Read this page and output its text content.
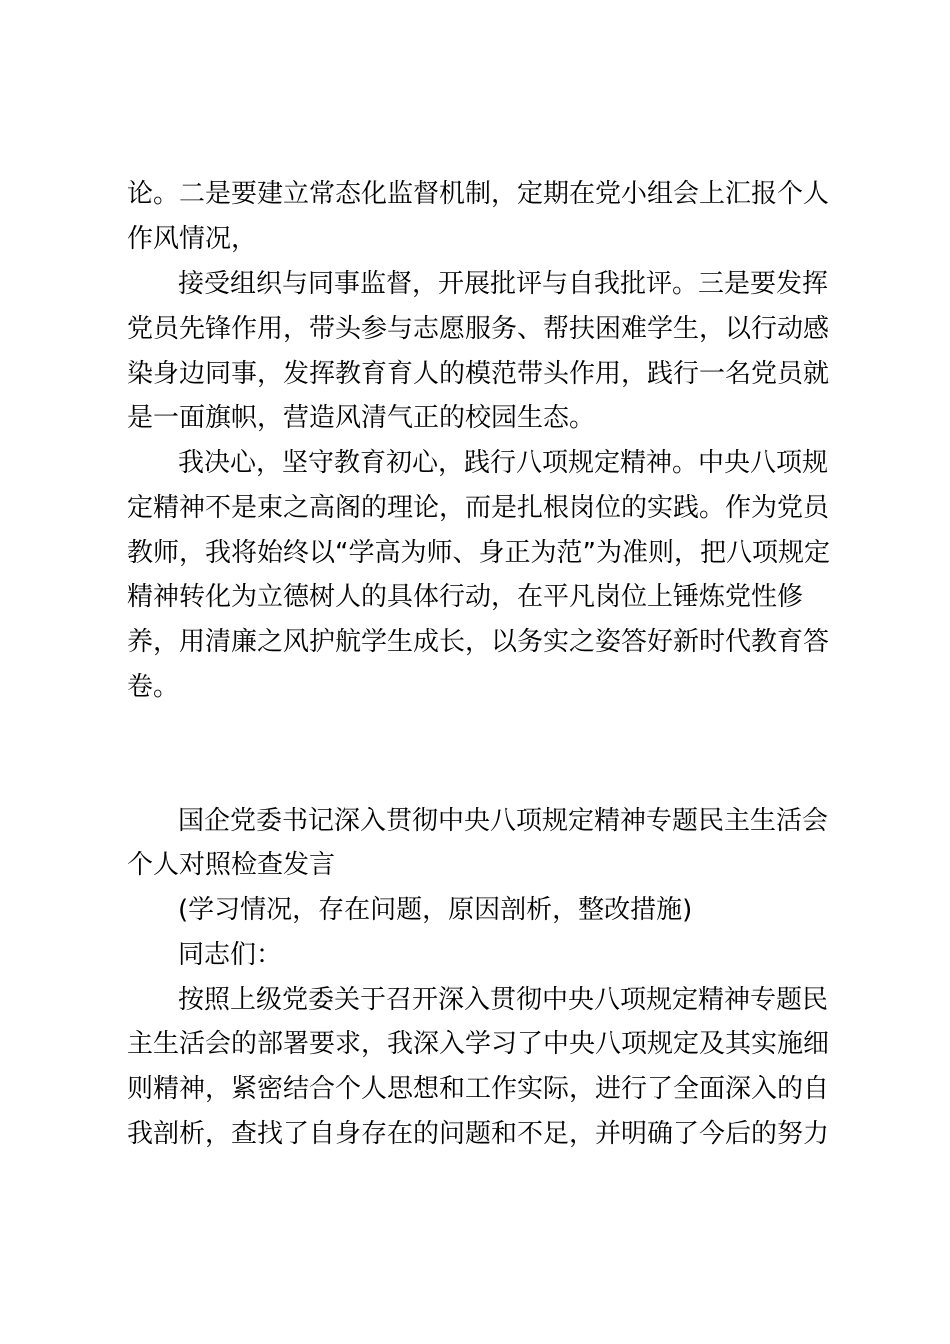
论。二是要建立常态化监督机制，定期在党小组会上汇报个人
作风情况，
接受组织与同事监督，开展批评与自我批评。三是要发挥
党员先锋作用，带头参与志愿服务、帮扶困难学生，以行动感
染身边同事，发挥教育育人的模范带头作用，践行一名党员就
是一面旗帜，营造风清气正的校园生态。
我决心，坚守教育初心，践行八项规定精神。中央八项规
定精神不是束之高阁的理论，而是扎根岗位的实践。作为党员
教师，我将始终以“学高为师、身正为范”为准则，把八项规定
精神转化为立德树人的具体行动，在平凡岗位上锤炼党性修
养，用清廉之风护航学生成长，以务实之姿答好新时代教育答
卷。
国企党委书记深入贯彻中央八项规定精神专题民主生活会
个人对照检查发言
(学习情况，存在问题，原因剖析，整改措施)
同志们：
按照上级党委关于召开深入贯彻中央八项规定精神专题民
主生活会的部署要求，我深入学习了中央八项规定及其实施细
则精神，紧密结合个人思想和工作实际，进行了全面深入的自
我剖析，查找了自身存在的问题和不足，并明确了今后的努力
